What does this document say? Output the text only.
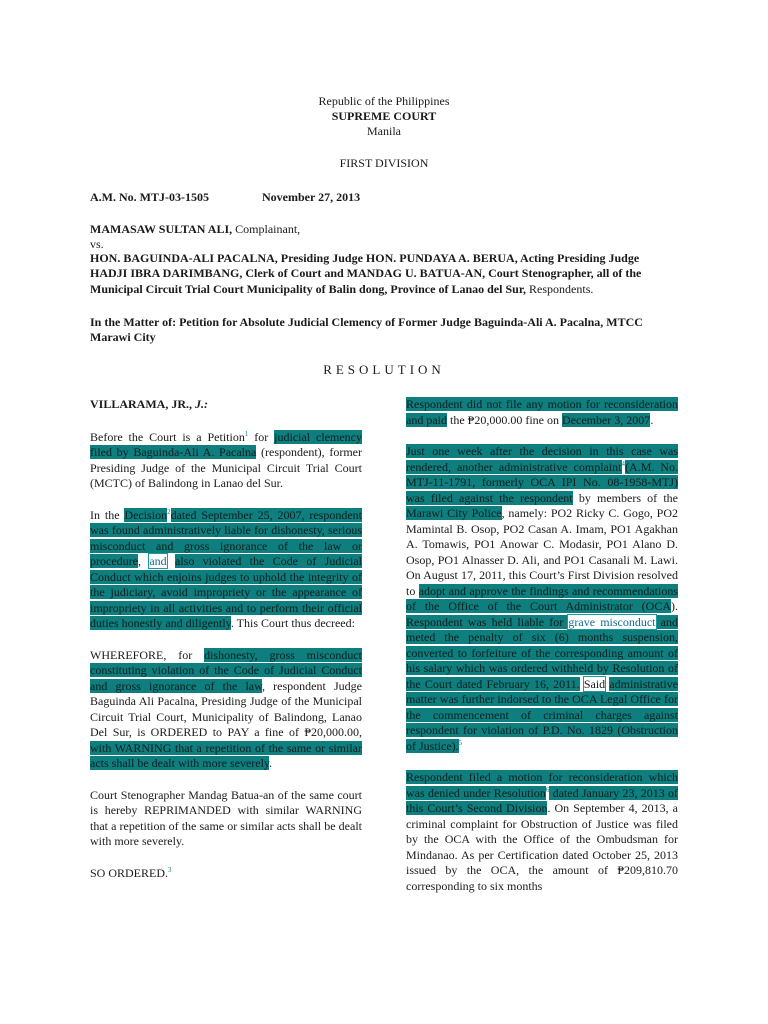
Republic of the Philippines
SUPREME COURT
Manila
FIRST DIVISION
A.M. No. MTJ-03-1505	November 27, 2013
MAMASAW SULTAN ALI, Complainant,
vs.
HON. BAGUINDA-ALI PACALNA, Presiding Judge HON. PUNDAYA A. BERUA, Acting Presiding Judge
HADJI IBRA DARIMBANG, Clerk of Court and MANDAG U. BATUA-AN, Court Stenographer, all of the
Municipal Circuit Trial Court Municipality of Balin dong, Province of Lanao del Sur, Respondents.
In the Matter of: Petition for Absolute Judicial Clemency of Former Judge Baguinda-Ali A. Pacalna, MTCC
Marawi City
RESOLUTION

VILLARAMA, JR., J.:

Before the Court is a Petition$^1$ for judicial clemency filed by Baguinda-Ali A. Pacalna (respondent), former Presiding Judge of the Municipal Circuit Trial Court (MCTC) of Balindong in Lanao del Sur.

In the Decision$^2$dated September 25, 2007, respondent was found administratively liable for dishonesty, serious misconduct and gross ignorance of the law or procedure, and also violated the Code of Judicial Conduct which enjoins judges to uphold the integrity of the judiciary, avoid impropriety or the appearance of impropriety in all activities and to perform their official duties honestly and diligently. This Court thus decreed:

WHEREFORE, for dishonesty, gross misconduct constituting violation of the Code of Judicial Conduct and gross ignorance of the law, respondent Judge Baguinda Ali Pacalna, Presiding Judge of the Municipal Circuit Trial Court, Municipality of Balindong, Lanao Del Sur, is ORDERED to PAY a fine of ₱20,000.00, with WARNING that a repetition of the same or similar acts shall be dealt with more severely.

Court Stenographer Mandag Batua-an of the same court is hereby REPRIMANDED with similar WARNING that a repetition of the same or similar acts shall be dealt with more severely.

SO ORDERED.$^3$

Respondent did not file any motion for reconsideration and paid the ₱20,000.00 fine on December 3, 2007.

Just one week after the decision in this case was rendered, another administrative complaint$^4$(A.M. No. MTJ-11-1791, formerly OCA IPI No. 08-1958-MTJ) was filed against the respondent by members of the Marawi City Police, namely: PO2 Ricky C. Gogo, PO2 Mamintal B. Osop, PO2 Casan A. Imam, PO1 Agakhan A. Tomawis, PO1 Anowar C. Modasir, PO1 Alano D. Osop, PO1 Alnasser D. Ali, and PO1 Casanali M. Lawi. On August 17, 2011, this Court’s First Division resolved to adopt and approve the findings and recommendations of the Office of the Court Administrator (OCA). Respondent was held liable for grave misconduct and meted the penalty of six (6) months suspension, converted to forfeiture of the corresponding amount of his salary which was ordered withheld by Resolution of the Court dated February 16, 2011. Said administrative matter was further indorsed to the OCA Legal Office for the commencement of criminal charges against respondent for violation of P.D. No. 1829 (Obstruction of Justice).$^5$

Respondent filed a motion for reconsideration which was denied under Resolution$^6$ dated January 23, 2013 of this Court’s Second Division. On September 4, 2013, a criminal complaint for Obstruction of Justice was filed by the OCA with the Office of the Ombudsman for Mindanao. As per Certification dated October 25, 2013 issued by the OCA, the amount of ₱209,810.70 corresponding to six months
